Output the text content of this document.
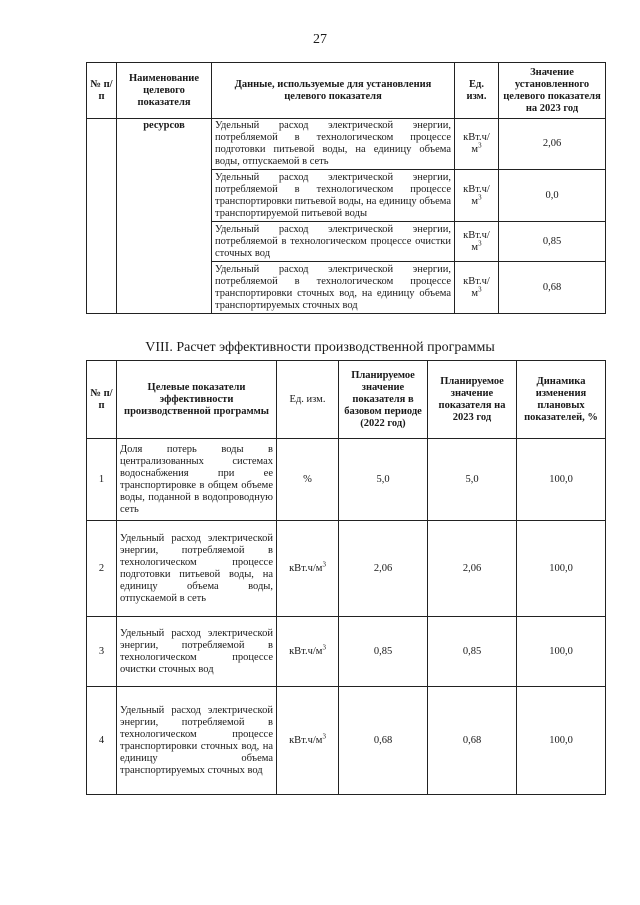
27
№ п/п	Наименование целевого показателя	Данные, используемые для установления целевого показателя	Ед. изм.	Значение установленного целевого показателя на 2023 год
	ресурсов	Удельный расход электрической энергии, потребляемой в технологическом процессе подготовки питьевой воды, на единицу объема воды, отпускаемой в сеть	кВт.ч/ $м^3$	2,06
		Удельный расход электрической энергии, потребляемой в технологическом процессе транспортировки питьевой воды, на единицу объема транспортируемой питьевой воды	кВт.ч/ $м^3$	0,0
		Удельный расход электрической энергии, потребляемой в технологическом процессе очистки сточных вод	кВт.ч/ $м^3$	0,85
		Удельный расход электрической энергии, потребляемой в технологическом процессе транспортировки сточных вод, на единицу объема транспортируемых сточных вод	кВт.ч/ $м^3$	0,68
VIII. Расчет эффективности производственной программы
№ п/п	Целевые показатели эффективности производственной программы	Ед. изм.	Планируемое значение показателя в базовом периоде (2022 год)	Планируемое значение показателя на 2023 год	Динамика изменения плановых показателей, %
1	Доля потерь воды в централизованных системах водоснабжения при ее транспортировке в общем объеме воды, поданной в водопроводную сеть	%	5,0	5,0	100,0
2	Удельный расход электрической энергии, потребляемой в технологическом процессе подготовки питьевой воды, на единицу объема воды, отпускаемой в сеть	$кВт.ч/м^3$	2,06	2,06	100,0
3	Удельный расход электрической энергии, потребляемой в технологическом процессе очистки сточных вод	$кВт.ч/м^3$	0,85	0,85	100,0
4	Удельный расход электрической энергии, потребляемой в технологическом процессе транспортировки сточных вод, на единицу объема транспортируемых сточных вод	$кВт.ч/м^3$	0,68	0,68	100,0
